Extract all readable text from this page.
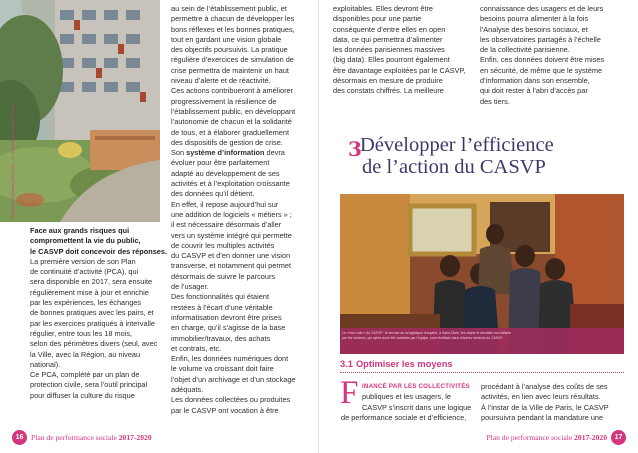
Square des Épinettes (Paris 17e) — © Sophie Robichon/Ville de Paris

Face aux grands risques qui

compromettent la vie du public,

le CASVP doit concevoir des réponses.

La première version de son Plan

de continuité d’activité (PCA), qui

sera disponible en 2017, sera ensuite

régulièrement mise à jour et enrichie

par les expériences, les échanges

de bonnes pratiques avec les pairs, et

par les exercices pratiqués à intervalle

régulier, entre tous les 18 mois,

selon des périmètres divers (seul, avec

la Ville, avec la Région, au niveau

national).

Ce PCA, complété par un plan de

protection civile, sera l’outil principal

pour diffuser la culture du risque

au sein de l’établissement public, et

permettre à chacun de développer les

bons réflexes et les bonnes pratiques,

tout en gardant une vision globale

des objectifs poursuivis. La pratique

régulière d’exercices de simulation de

crise permettra de maintenir un haut

niveau d’alerte et de réactivité.

Ces actions contribueront à améliorer

progressivement la résilience de

l’établissement public, en développant

l’autonomie de chacun et la solidarité

de tous, et à élaborer graduellement

des dispositifs de gestion de crise.

Son système d’information devra

évoluer pour être parfaitement

adapté au développement de ses

activités et à l’exploitation croissante

des données qu’il détient.

En effet, il repose aujourd’hui sur

une addition de logiciels « métiers » ;

il est nécessaire désormais d’aller

vers un système intégré qui permette

de couvrir les multiples activités

du CASVP et d’en donner une vision

transverse, et notamment qui permet

désormais de suivre le parcours

de l’usager.

Des fonctionnalités qui étaient

restées à l’écart d’une véritable

informatisation devront être prises

en charge, qu’il s’agisse de la base

immobilier/travaux, des achats

et contrats, etc.

Enfin, les données numériques dont

le volume va croissant doit faire

l’objet d’un archivage et d’un stockage

adéquats.

Les données collectées ou produites

par le CASVP ont vocation à être

16 Plan de performance sociale 2017-2020

exploitables. Elles devront être

disponibles pour une partie

conséquente d’entre elles en open

data, ce qui permettra d’alimenter

les données parisiennes massives

(big data). Elles pourront également

être davantage exploitées par le CASVP,

désormais en mesure de produire

des constats chiffrés. La meilleure

connaissance des usagers et de leurs

besoins pourra alimenter à la fois

l’Analyse des besoins sociaux, et

les observatoires partagés à l’échelle

de la collectivité parisienne.

Enfin, ces données doivent être mises

en sécurité, de même que le système

d’information dans son ensemble,

qui doit rester à l’abri d’accès par

des tiers.

3
Développer l’efficience
de l’action du CASVP
Le « bon coin » du CASVP : le service de la logistique récupère, à Saint-Ouen, les objets et meubles non utilisés
par les services, qui après avoir été valorisés par l’équipe, sont réutilisés dans d’autres services du CASVP.
3.1 Optimiser les moyens
F INANCÉ PAR LES COLLECTIVITÉS

publiques et les usagers, le

CASVP s’inscrit dans une logique

de performance sociale et d’efficience,

procédant à l’analyse des coûts de ses

activités, en lien avec leurs résultats.

À l’instar de la Ville de Paris, le CASVP

poursuivra pendant la mandature une

Plan de performance sociale 2017-2020 17
